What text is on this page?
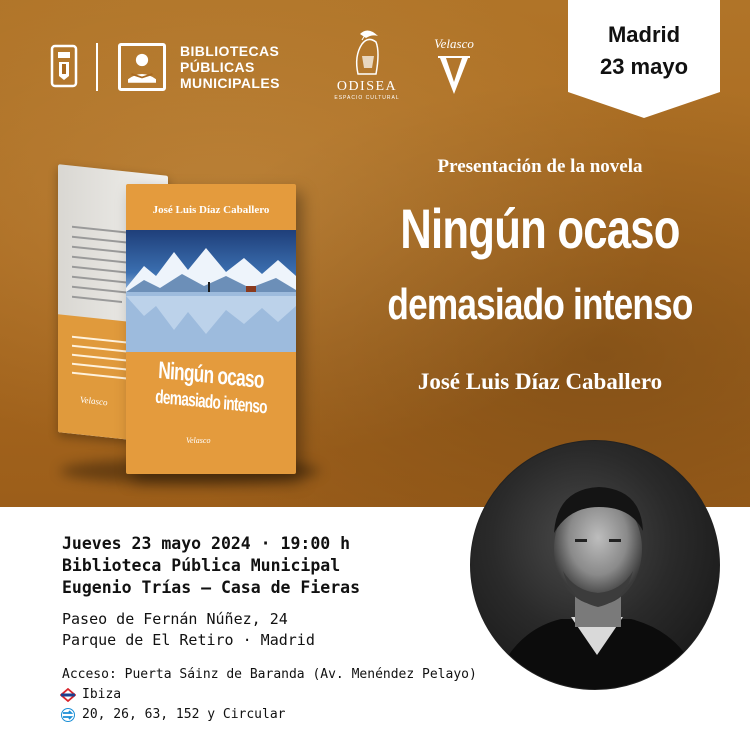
BIBLIOTECAS
PÚBLICAS
MUNICIPALES	ODISEA
ESPACIO CULTURAL
Velasco	Madrid
23 mayo
Presentación de la novela
Ningún ocaso
demasiado intenso
José Luis Díaz Caballero
Velasco
José Luis Díaz Caballero
Ningún ocaso
demasiado intenso
Velasco
Jueves 23 mayo 2024 · 19:00 h
Biblioteca Pública Municipal
Eugenio Trías – Casa de Fieras
Paseo de Fernán Núñez, 24
Parque de El Retiro · Madrid
Acceso: Puerta Sáinz de Baranda (Av. Menéndez Pelayo)
Ibiza
20, 26, 63, 152 y Circular
